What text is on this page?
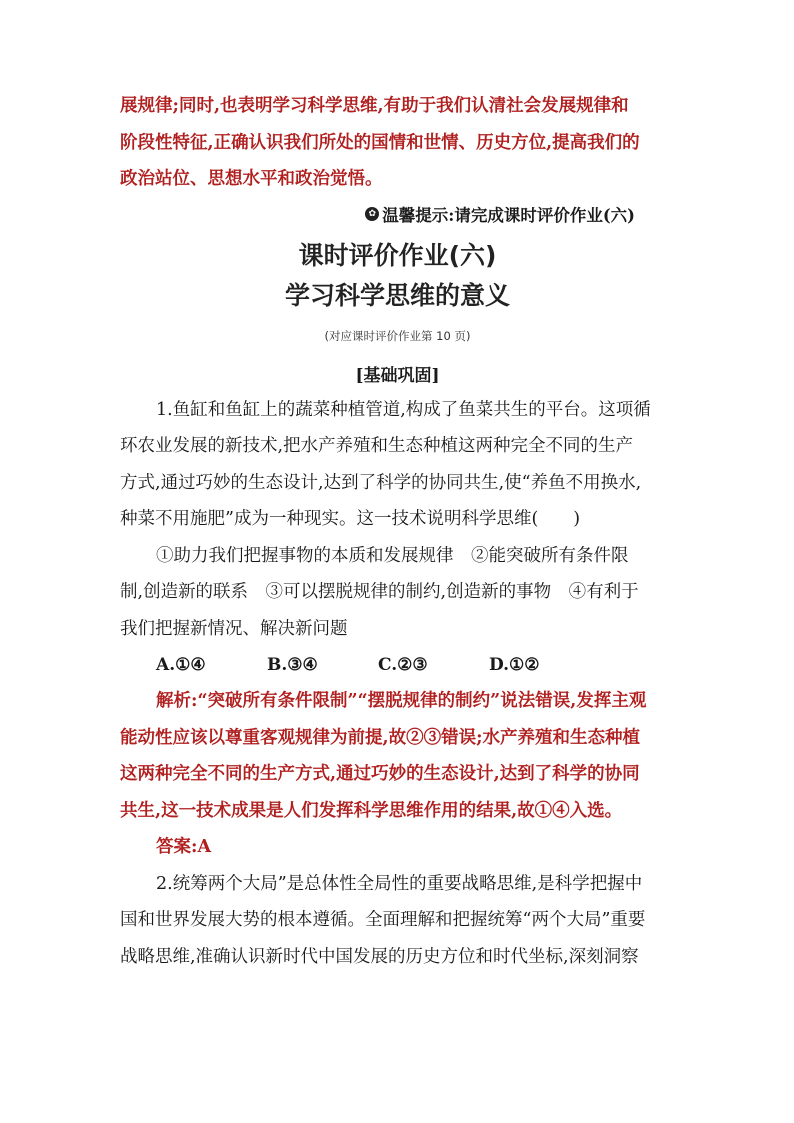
展规律;同时,也表明学习科学思维,有助于我们认清社会发展规律和

阶段性特征,正确认识我们所处的国情和世情、历史方位,提高我们的

政治站位、思想水平和政治觉悟。

✿ 温馨提示:请完成课时评价作业(六)
课时评价作业(六)
学习科学思维的意义
(对应课时评价作业第 10 页)
[基础巩固]

1.鱼缸和鱼缸上的蔬菜种植管道,构成了鱼菜共生的平台。这项循

环农业发展的新技术,把水产养殖和生态种植这两种完全不同的生产

方式,通过巧妙的生态设计,达到了科学的协同共生,使“养鱼不用换水,

种菜不用施肥”成为一种现实。这一技术说明科学思维(　　)

①助力我们把握事物的本质和发展规律　②能突破所有条件限

制,创造新的联系　③可以摆脱规律的制约,创造新的事物　④有利于

我们把握新情况、解决新问题

A.①④	B.③④	C.②③	D.①②

解析:“突破所有条件限制”“摆脱规律的制约”说法错误,发挥主观

能动性应该以尊重客观规律为前提,故②③错误;水产养殖和生态种植

这两种完全不同的生产方式,通过巧妙的生态设计,达到了科学的协同

共生,这一技术成果是人们发挥科学思维作用的结果,故①④入选。

答案:A

2.统筹两个大局”是总体性全局性的重要战略思维,是科学把握中

国和世界发展大势的根本遵循。全面理解和把握统筹“两个大局”重要

战略思维,准确认识新时代中国发展的历史方位和时代坐标,深刻洞察
